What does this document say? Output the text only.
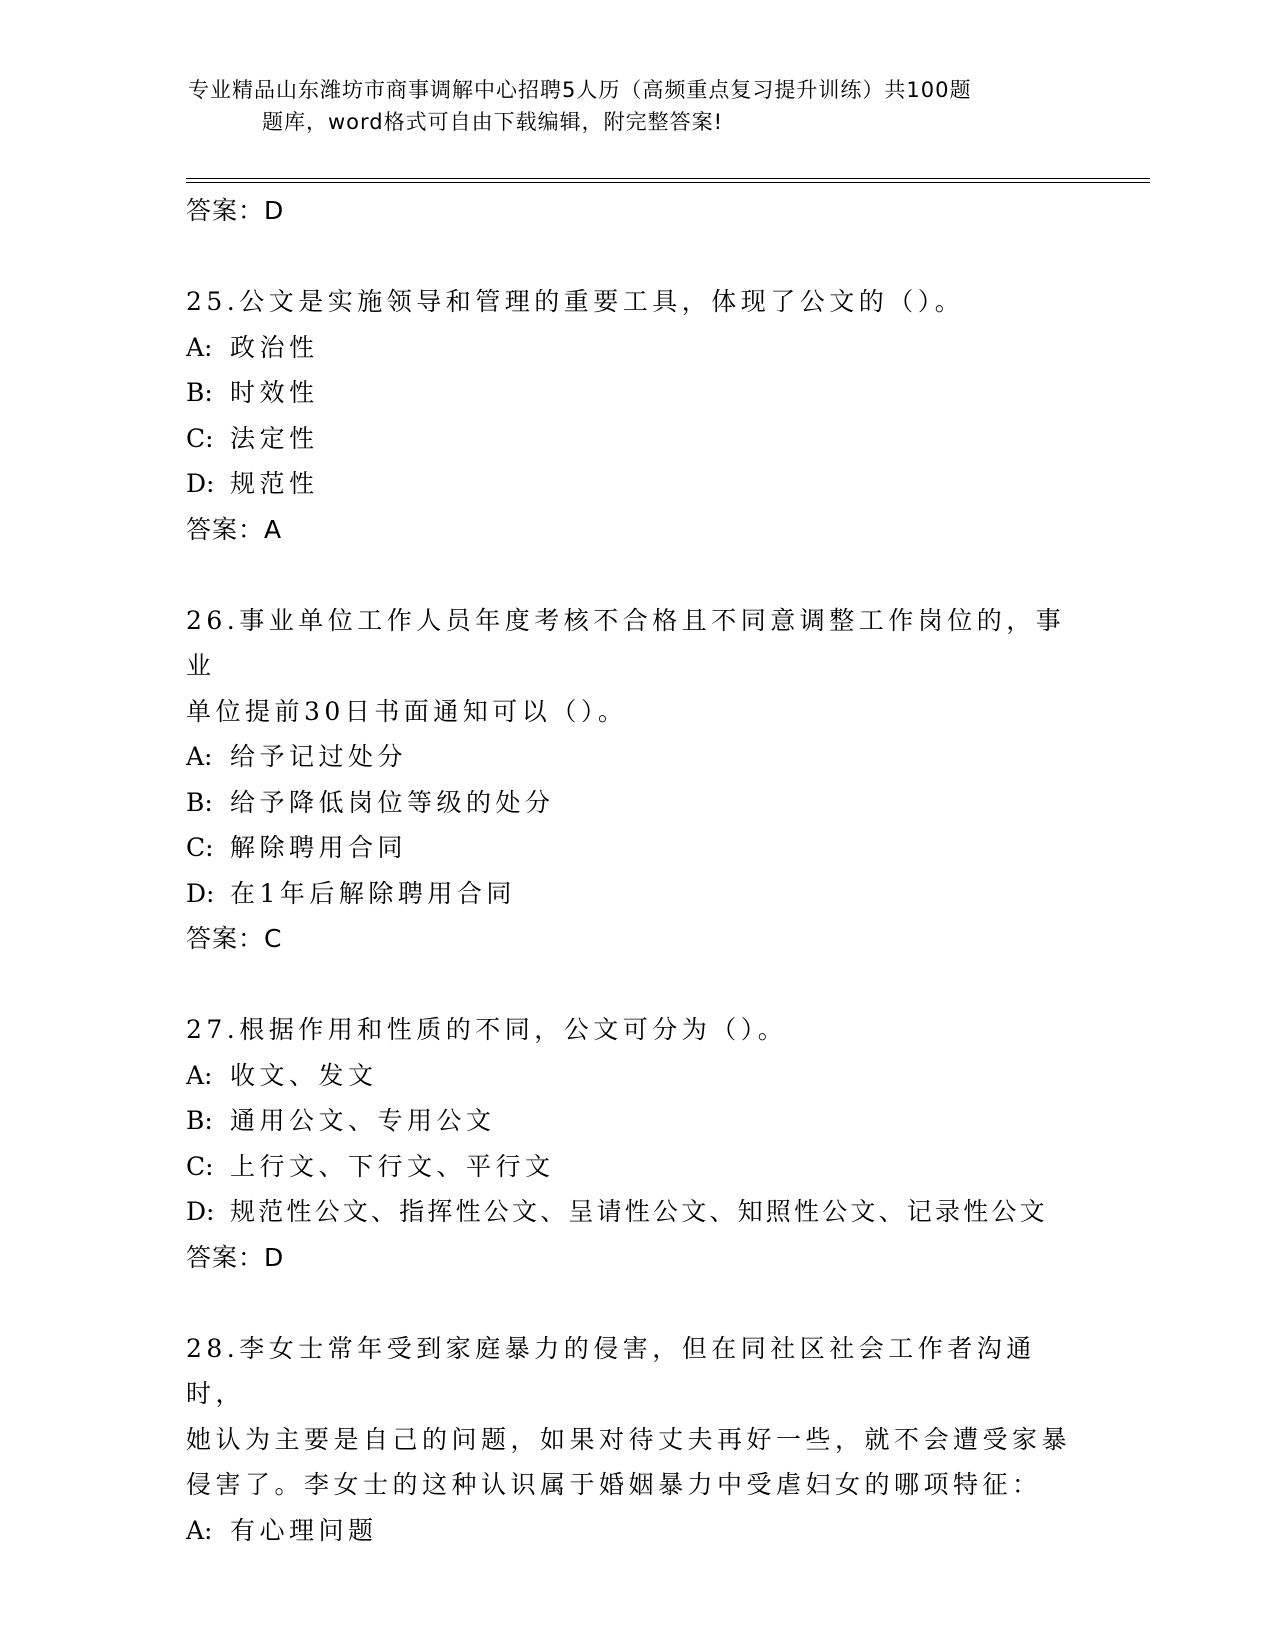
专业精品山东潍坊市商事调解中心招聘5人历（高频重点复习提升训练）共100题
题库，word格式可自由下载编辑，附完整答案!
答案：D
25.公文是实施领导和管理的重要工具，体现了公文的（）。
A: 政治性
B: 时效性
C: 法定性
D: 规范性
答案：A
26.事业单位工作人员年度考核不合格且不同意调整工作岗位的，事业
单位提前30日书面通知可以（）。
A: 给予记过处分
B: 给予降低岗位等级的处分
C: 解除聘用合同
D: 在1年后解除聘用合同
答案：C
27.根据作用和性质的不同，公文可分为（）。
A: 收文、发文
B: 通用公文、专用公文
C: 上行文、下行文、平行文
D: 规范性公文、指挥性公文、呈请性公文、知照性公文、记录性公文
答案：D
28.李女士常年受到家庭暴力的侵害，但在同社区社会工作者沟通时，
她认为主要是自己的问题，如果对待丈夫再好一些，就不会遭受家暴
侵害了。李女士的这种认识属于婚姻暴力中受虐妇女的哪项特征：
A: 有心理问题
